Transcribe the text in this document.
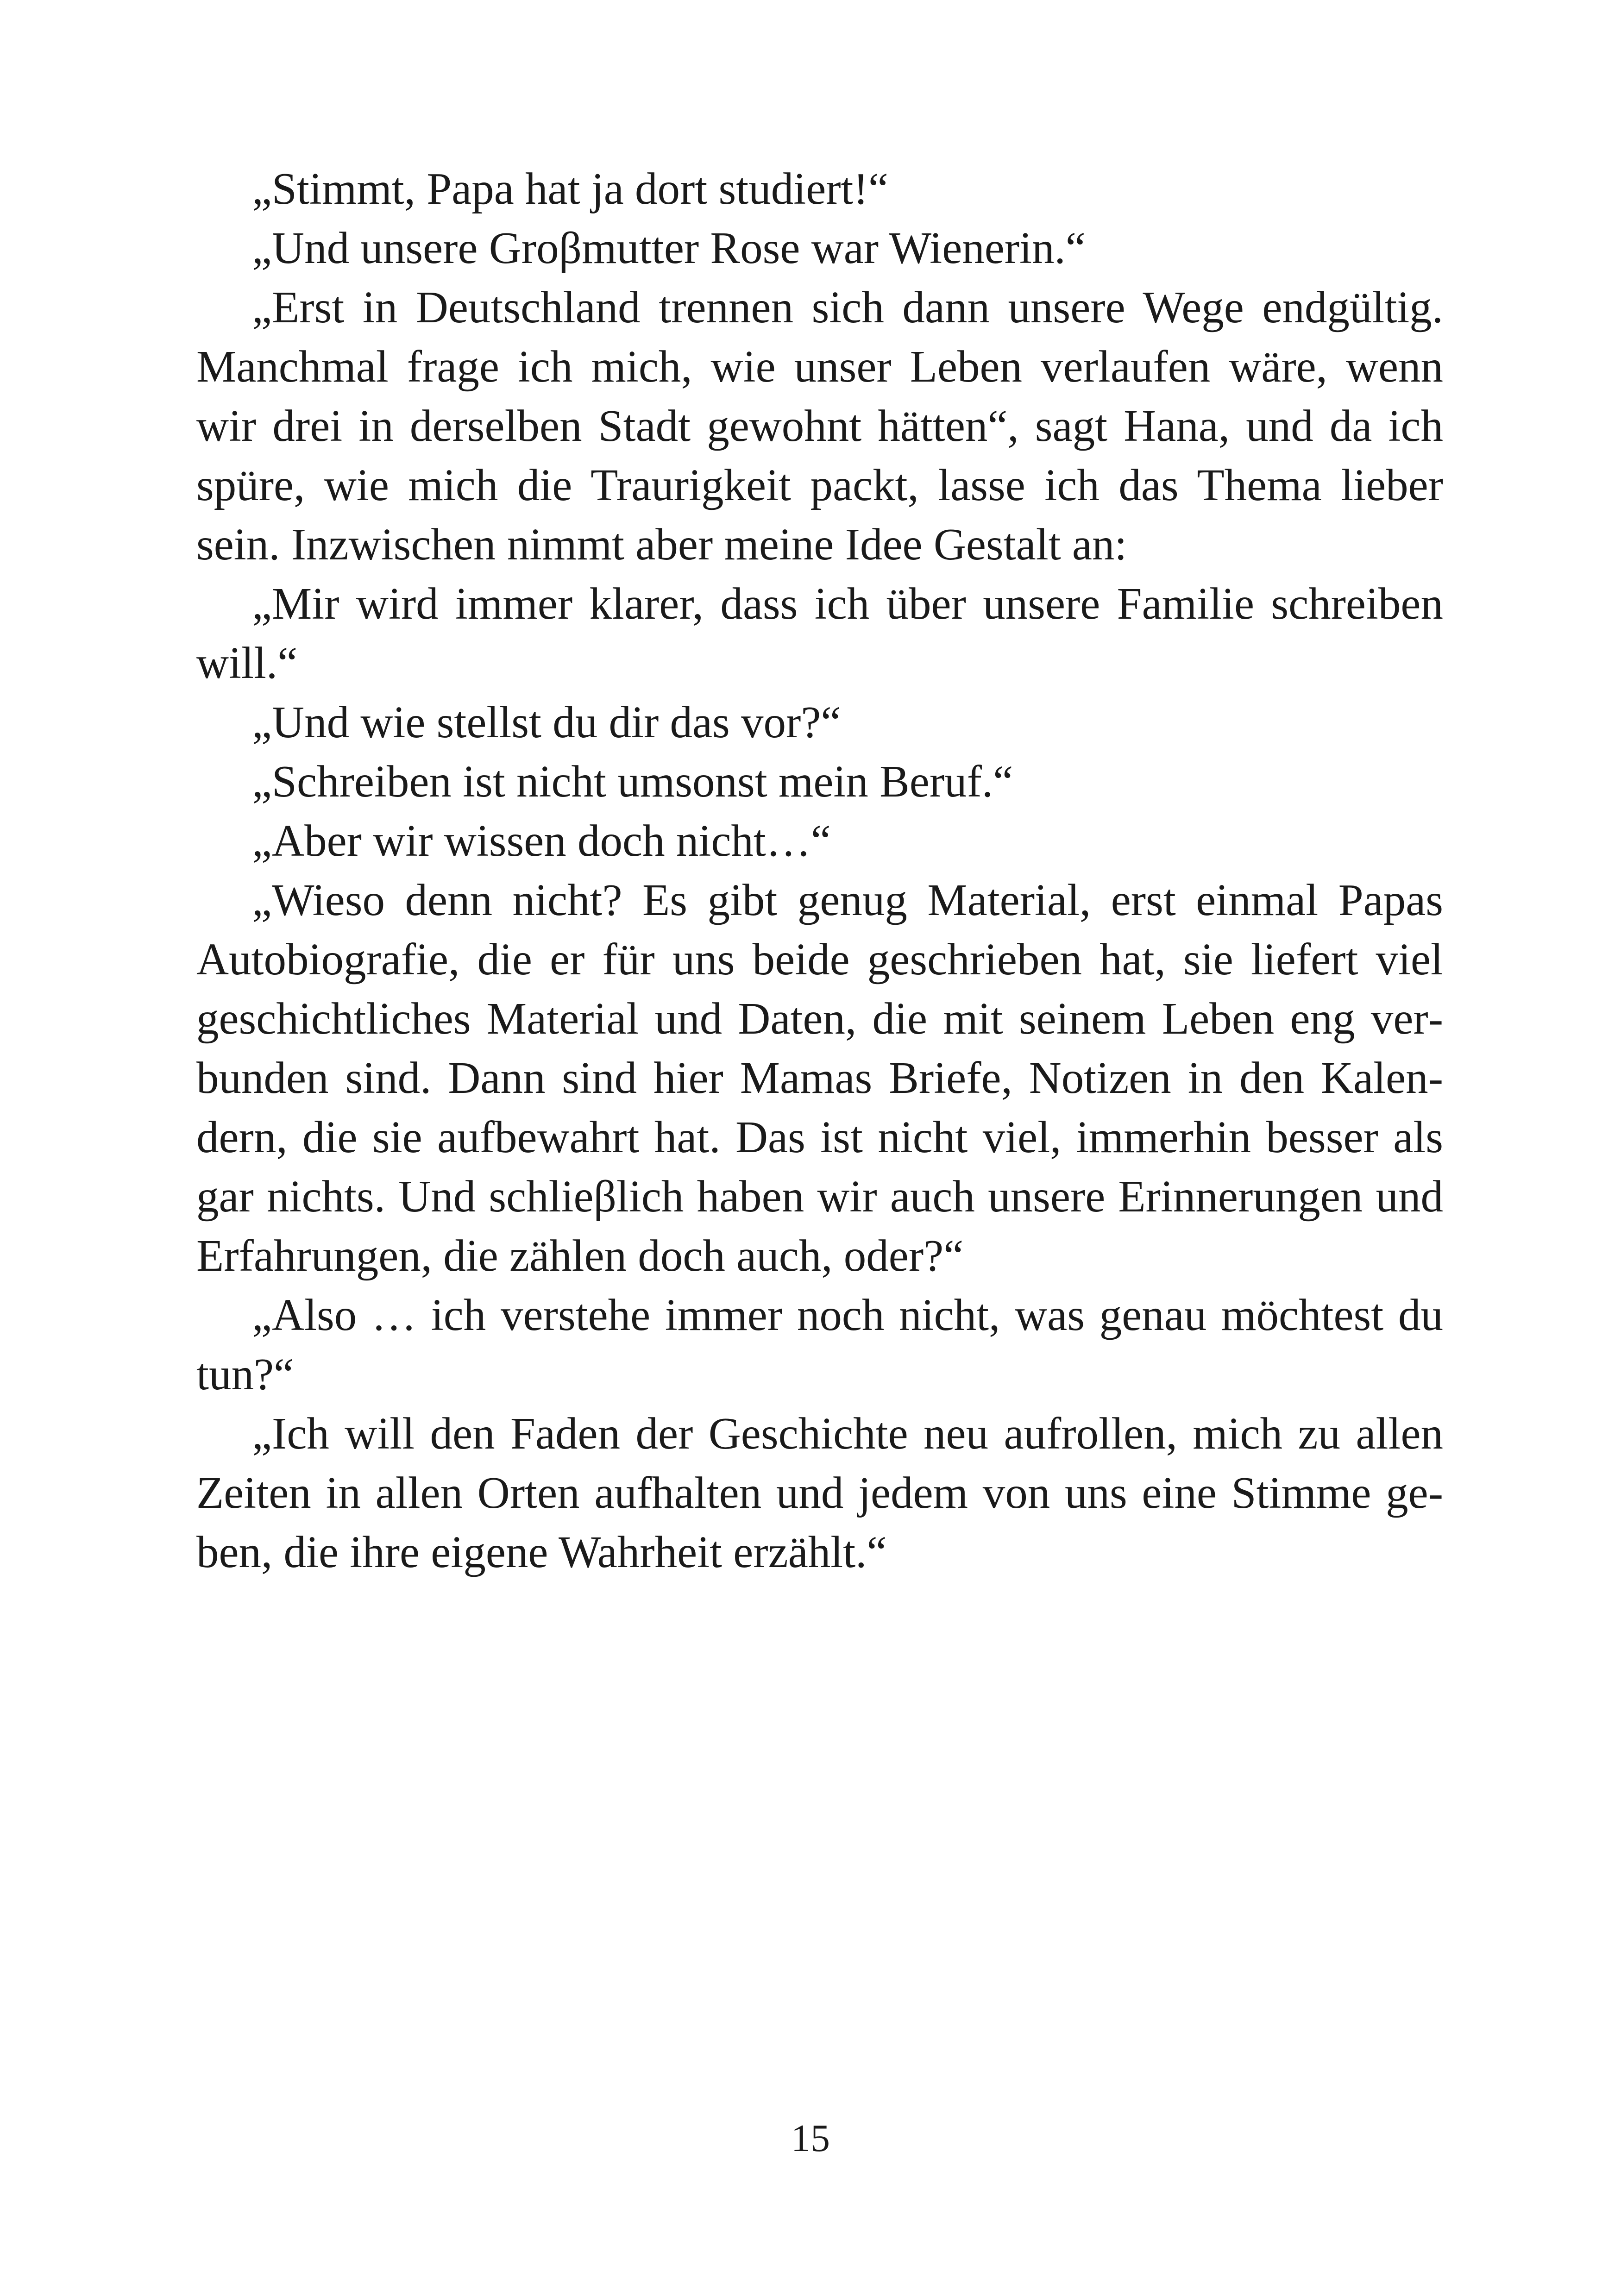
„Stimmt, Papa hat ja dort studiert!“

„Und unsere Groβmutter Rose war Wienerin.“

„Erst in Deutschland trennen sich dann unsere Wege endgültig. Manchmal frage ich mich, wie unser Leben verlaufen wäre, wenn wir drei in derselben Stadt gewohnt hätten“, sagt Hana, und da ich spüre, wie mich die Traurigkeit packt, lasse ich das Thema lieber sein. Inzwischen nimmt aber meine Idee Gestalt an:

„Mir wird immer klarer, dass ich über unsere Familie schreiben will.“

„Und wie stellst du dir das vor?“

„Schreiben ist nicht umsonst mein Beruf.“

„Aber wir wissen doch nicht…“

„Wieso denn nicht? Es gibt genug Material, erst einmal Papas Autobiografie, die er für uns beide geschrieben hat, sie liefert viel geschichtliches Material und Daten, die mit seinem Leben eng verbunden sind. Dann sind hier Mamas Briefe, Notizen in den Kalendern, die sie aufbewahrt hat. Das ist nicht viel, immerhin besser als gar nichts. Und schlieβlich haben wir auch unsere Erinnerungen und Erfahrungen, die zählen doch auch, oder?“

„Also … ich verstehe immer noch nicht, was genau möchtest du tun?“

„Ich will den Faden der Geschichte neu aufrollen, mich zu allen Zeiten in allen Orten aufhalten und jedem von uns eine Stimme geben, die ihre eigene Wahrheit erzählt.“

15
